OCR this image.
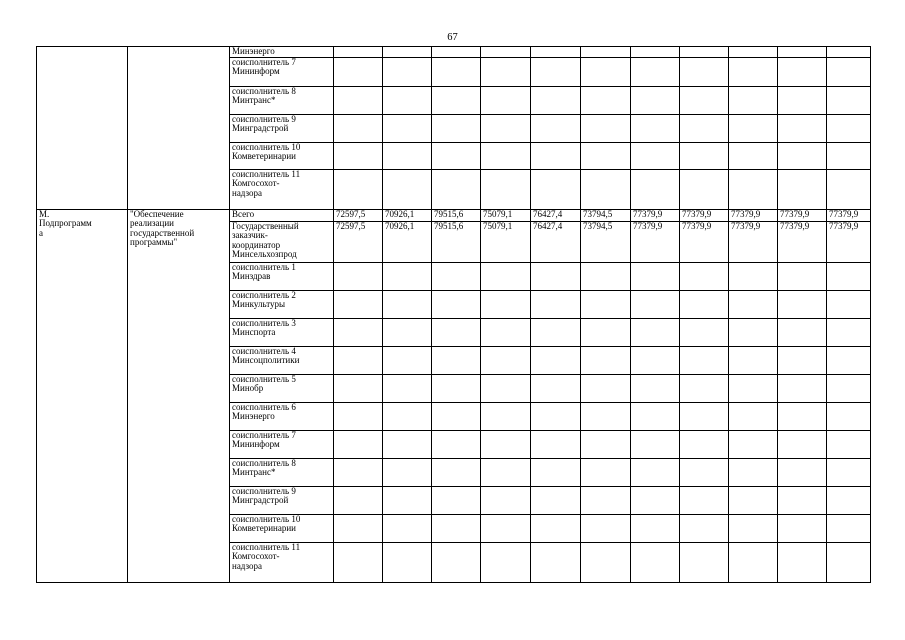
67
		Минэнерго											
		соисполнитель 7
Мининформ											
		соисполнитель 8
Минтранс*											
		соисполнитель 9
Минградстрой											
		соисполнитель 10
Комветеринарии											
		соисполнитель 11
Комгосохот-
надзора											
М.
Подпрограмм
а	"Обеспечение
реализации
государственной
программы"	Всего	72597,5	70926,1	79515,6	75079,1	76427,4	73794,5	77379,9	77379,9	77379,9	77379,9	77379,9
		Государственный
заказчик-
координатор
Минсельхозпрод	72597,5	70926,1	79515,6	75079,1	76427,4	73794,5	77379,9	77379,9	77379,9	77379,9	77379,9
		соисполнитель 1
Минздрав											
		соисполнитель 2
Минкультуры											
		соисполнитель 3
Минспорта											
		соисполнитель 4
Минсоцполитики											
		соисполнитель 5
Минобр											
		соисполнитель 6
Минэнерго											
		соисполнитель 7
Мининформ											
		соисполнитель 8
Минтранс*											
		соисполнитель 9
Минградстрой											
		соисполнитель 10
Комветеринарии											
		соисполнитель 11
Комгосохот-
надзора											
